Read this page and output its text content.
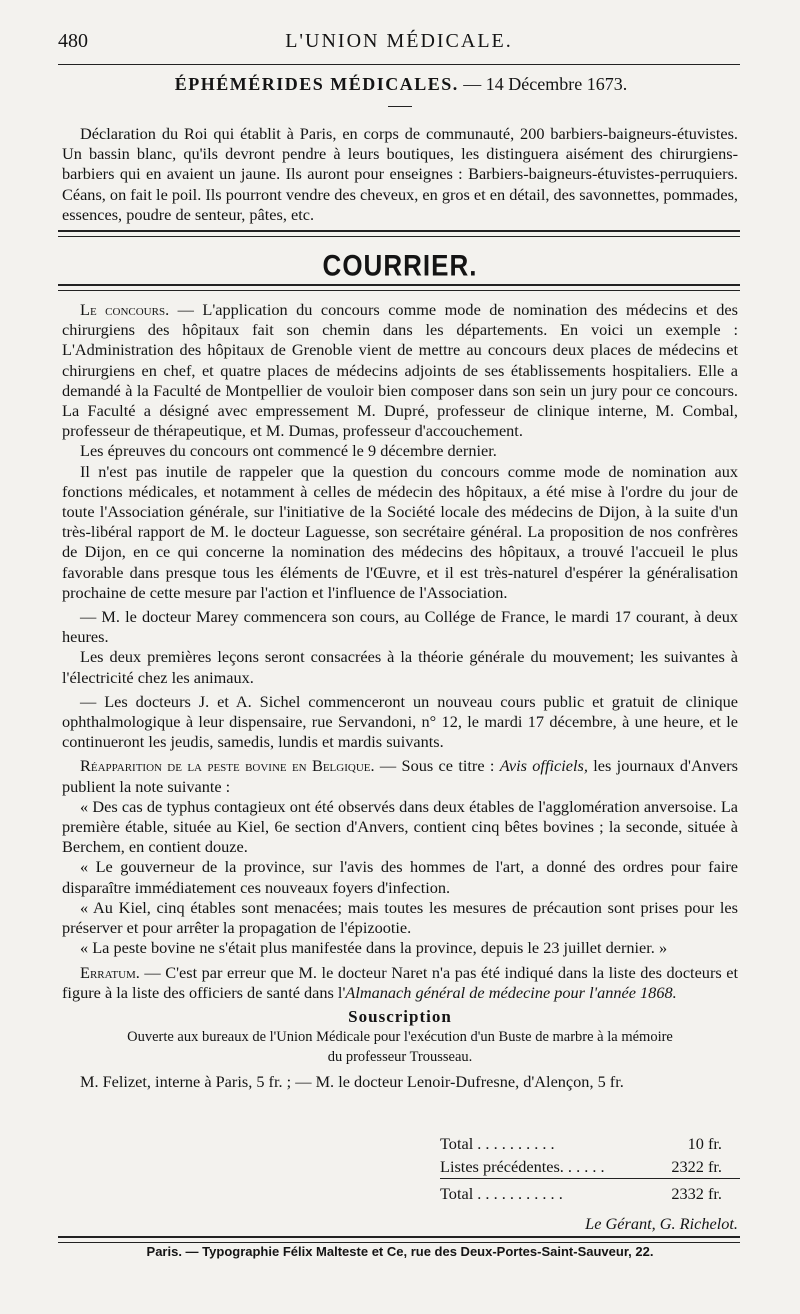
480	L'UNION MÉDICALE.
ÉPHÉMÉRIDES MÉDICALES. — 14 Décembre 1673.

Déclaration du Roi qui établit à Paris, en corps de communauté, 200 barbiers-baigneurs-étuvistes. Un bassin blanc, qu'ils devront pendre à leurs boutiques, les distinguera aisément des chirurgiens-barbiers qui en avaient un jaune. Ils auront pour enseignes : Barbiers-baigneurs-étuvistes-perruquiers. Céans, on fait le poil. Ils pourront vendre des cheveux, en gros et en détail, des savonnettes, pommades, essences, poudre de senteur, pâtes, etc.

COURRIER.

Le concours. — L'application du concours comme mode de nomination des médecins et des chirurgiens des hôpitaux fait son chemin dans les départements. En voici un exemple : L'Administration des hôpitaux de Grenoble vient de mettre au concours deux places de médecins et chirurgiens en chef, et quatre places de médecins adjoints de ses établissements hospitaliers. Elle a demandé à la Faculté de Montpellier de vouloir bien composer dans son sein un jury pour ce concours. La Faculté a désigné avec empressement M. Dupré, professeur de clinique interne, M. Combal, professeur de thérapeutique, et M. Dumas, professeur d'accouchement.

Les épreuves du concours ont commencé le 9 décembre dernier.

Il n'est pas inutile de rappeler que la question du concours comme mode de nomination aux fonctions médicales, et notamment à celles de médecin des hôpitaux, a été mise à l'ordre du jour de toute l'Association générale, sur l'initiative de la Société locale des médecins de Dijon, à la suite d'un très-libéral rapport de M. le docteur Laguesse, son secrétaire général. La proposition de nos confrères de Dijon, en ce qui concerne la nomination des médecins des hôpitaux, a trouvé l'accueil le plus favorable dans presque tous les éléments de l'Œuvre, et il est très-naturel d'espérer la généralisation prochaine de cette mesure par l'action et l'influence de l'Association.

— M. le docteur Marey commencera son cours, au Collége de France, le mardi 17 courant, à deux heures.

Les deux premières leçons seront consacrées à la théorie générale du mouvement; les suivantes à l'électricité chez les animaux.

— Les docteurs J. et A. Sichel commenceront un nouveau cours public et gratuit de clinique ophthalmologique à leur dispensaire, rue Servandoni, n° 12, le mardi 17 décembre, à une heure, et le continueront les jeudis, samedis, lundis et mardis suivants.

Réapparition de la peste bovine en Belgique. — Sous ce titre : Avis officiels, les journaux d'Anvers publient la note suivante :

« Des cas de typhus contagieux ont été observés dans deux étables de l'agglomération anversoise. La première étable, située au Kiel, 6e section d'Anvers, contient cinq bêtes bovines ; la seconde, située à Berchem, en contient douze.

« Le gouverneur de la province, sur l'avis des hommes de l'art, a donné des ordres pour faire disparaître immédiatement ces nouveaux foyers d'infection.

« Au Kiel, cinq étables sont menacées; mais toutes les mesures de précaution sont prises pour les préserver et pour arrêter la propagation de l'épizootie.

« La peste bovine ne s'était plus manifestée dans la province, depuis le 23 juillet dernier. »

Erratum. — C'est par erreur que M. le docteur Naret n'a pas été indiqué dans la liste des docteurs et figure à la liste des officiers de santé dans l'Almanach général de médecine pour l'année 1868.

Souscription

Ouverte aux bureaux de l'Union Médicale pour l'exécution d'un Buste de marbre à la mémoire

du professeur Trousseau.

M. Felizet, interne à Paris, 5 fr. ; — M. le docteur Lenoir-Dufresne, d'Alençon, 5 fr.

Total . . . . . . . . . .	10 fr.
Listes précédentes. . . . . .	2322 fr.
Total . . . . . . . . . . .	2332 fr.
Le Gérant, G. Richelot.
Paris. — Typographie Félix Malteste et Ce, rue des Deux-Portes-Saint-Sauveur, 22.
